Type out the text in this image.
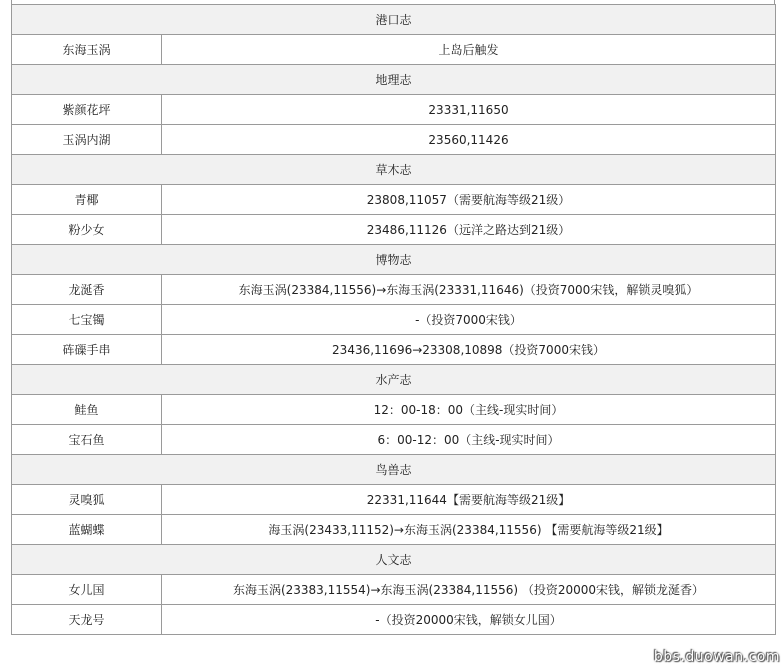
港口志	
东海玉涡	上岛后触发
地理志	
紫颜花坪	23331,11650
玉涡内湖	23560,11426
草木志	
青椰	23808,11057（需要航海等级21级）
粉少女	23486,11126（远洋之路达到21级）
博物志	
龙涎香	东海玉涡(23384,11556)→东海玉涡(23331,11646)（投资7000宋钱，解锁灵嗅狐）
七宝镯	-（投资7000宋钱）
砗磲手串	23436,11696→23308,10898（投资7000宋钱）
水产志	
鲑鱼	12：00-18：00（主线-现实时间）
宝石鱼	6：00-12：00（主线-现实时间）
鸟兽志	
灵嗅狐	22331,11644【需要航海等级21级】
蓝蝴蝶	海玉涡(23433,11152)→东海玉涡(23384,11556) 【需要航海等级21级】
人文志	
女儿国	东海玉涡(23383,11554)→东海玉涡(23384,11556) （投资20000宋钱，解锁龙涎香）
天龙号	-（投资20000宋钱，解锁女儿国）
bbs.duowan.com
